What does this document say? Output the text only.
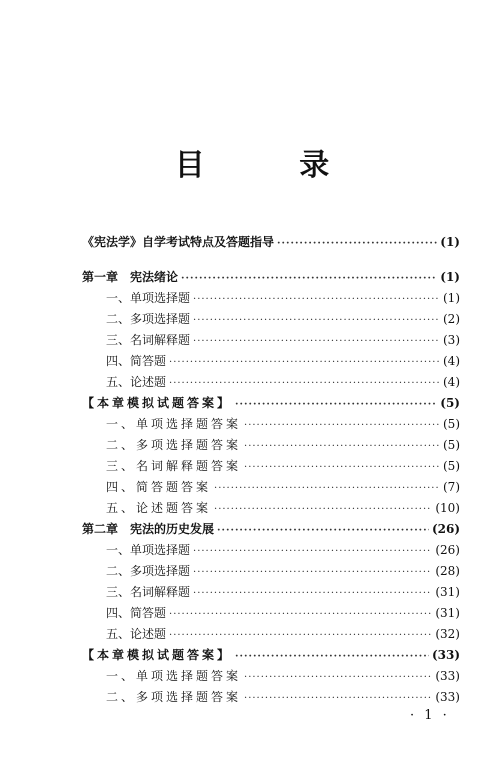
目 录
《宪法学》自学考试特点及答题指导 ·····	(1)
第一章　宪法绪论 ·····	(1)
一、单项选择题 ·····	(1)
二、多项选择题 ·····	(2)
三、名词解释题 ·····	(3)
四、简答题 ·····	(4)
五、论述题 ·····	(4)
【本章模拟试题答案】 ·····	(5)
一、单项选择题答案 ·····	(5)
二、多项选择题答案 ·····	(5)
三、名词解释题答案 ·····	(5)
四、简答题答案 ·····	(7)
五、论述题答案 ·····	(10)
第二章　宪法的历史发展 ·····	(26)
一、单项选择题 ·····	(26)
二、多项选择题 ·····	(28)
三、名词解释题 ·····	(31)
四、简答题 ·····	(31)
五、论述题 ·····	(32)
【本章模拟试题答案】 ·····	(33)
一、单项选择题答案 ·····	(33)
二、多项选择题答案 ·····	(33)
· 1 ·
